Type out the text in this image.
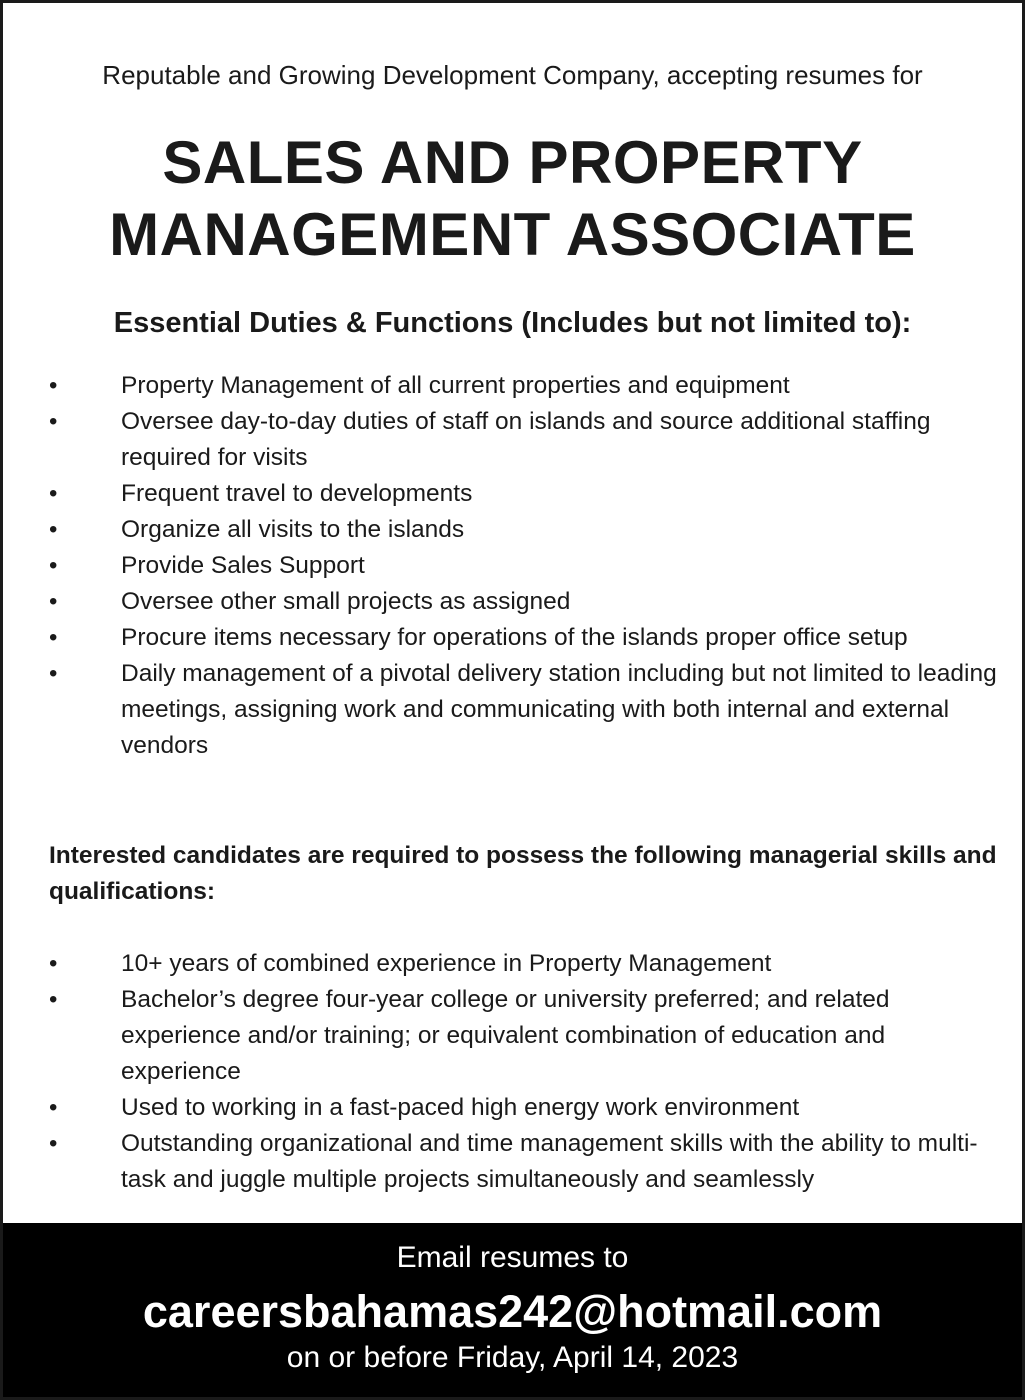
Reputable and Growing Development Company, accepting resumes for

SALES AND PROPERTY
MANAGEMENT ASSOCIATE
Essential Duties & Functions (Includes but not limited to):
•	Property Management of all current properties and equipment
•	Oversee day-to-day duties of staff on islands and source additional staffing required for visits
•	Frequent travel to developments
•	Organize all visits to the islands
•	Provide Sales Support
•	Oversee other small projects as assigned
•	Procure items necessary for operations of the islands proper office setup
•	Daily management of a pivotal delivery station including but not limited to leading meetings, assigning work and communicating with both internal and external vendors

Interested candidates are required to possess the following managerial skills and qualifications:

•	10+ years of combined experience in Property Management
•	Bachelor’s degree four-year college or university preferred; and related experience and/or training; or equivalent combination of education and experience
•	Used to working in a fast-paced high energy work environment
•	Outstanding organizational and time management skills with the ability to multi-task and juggle multiple projects simultaneously and seamlessly
Email resumes to
careersbahamas242@hotmail.com
on or before Friday, April 14, 2023
